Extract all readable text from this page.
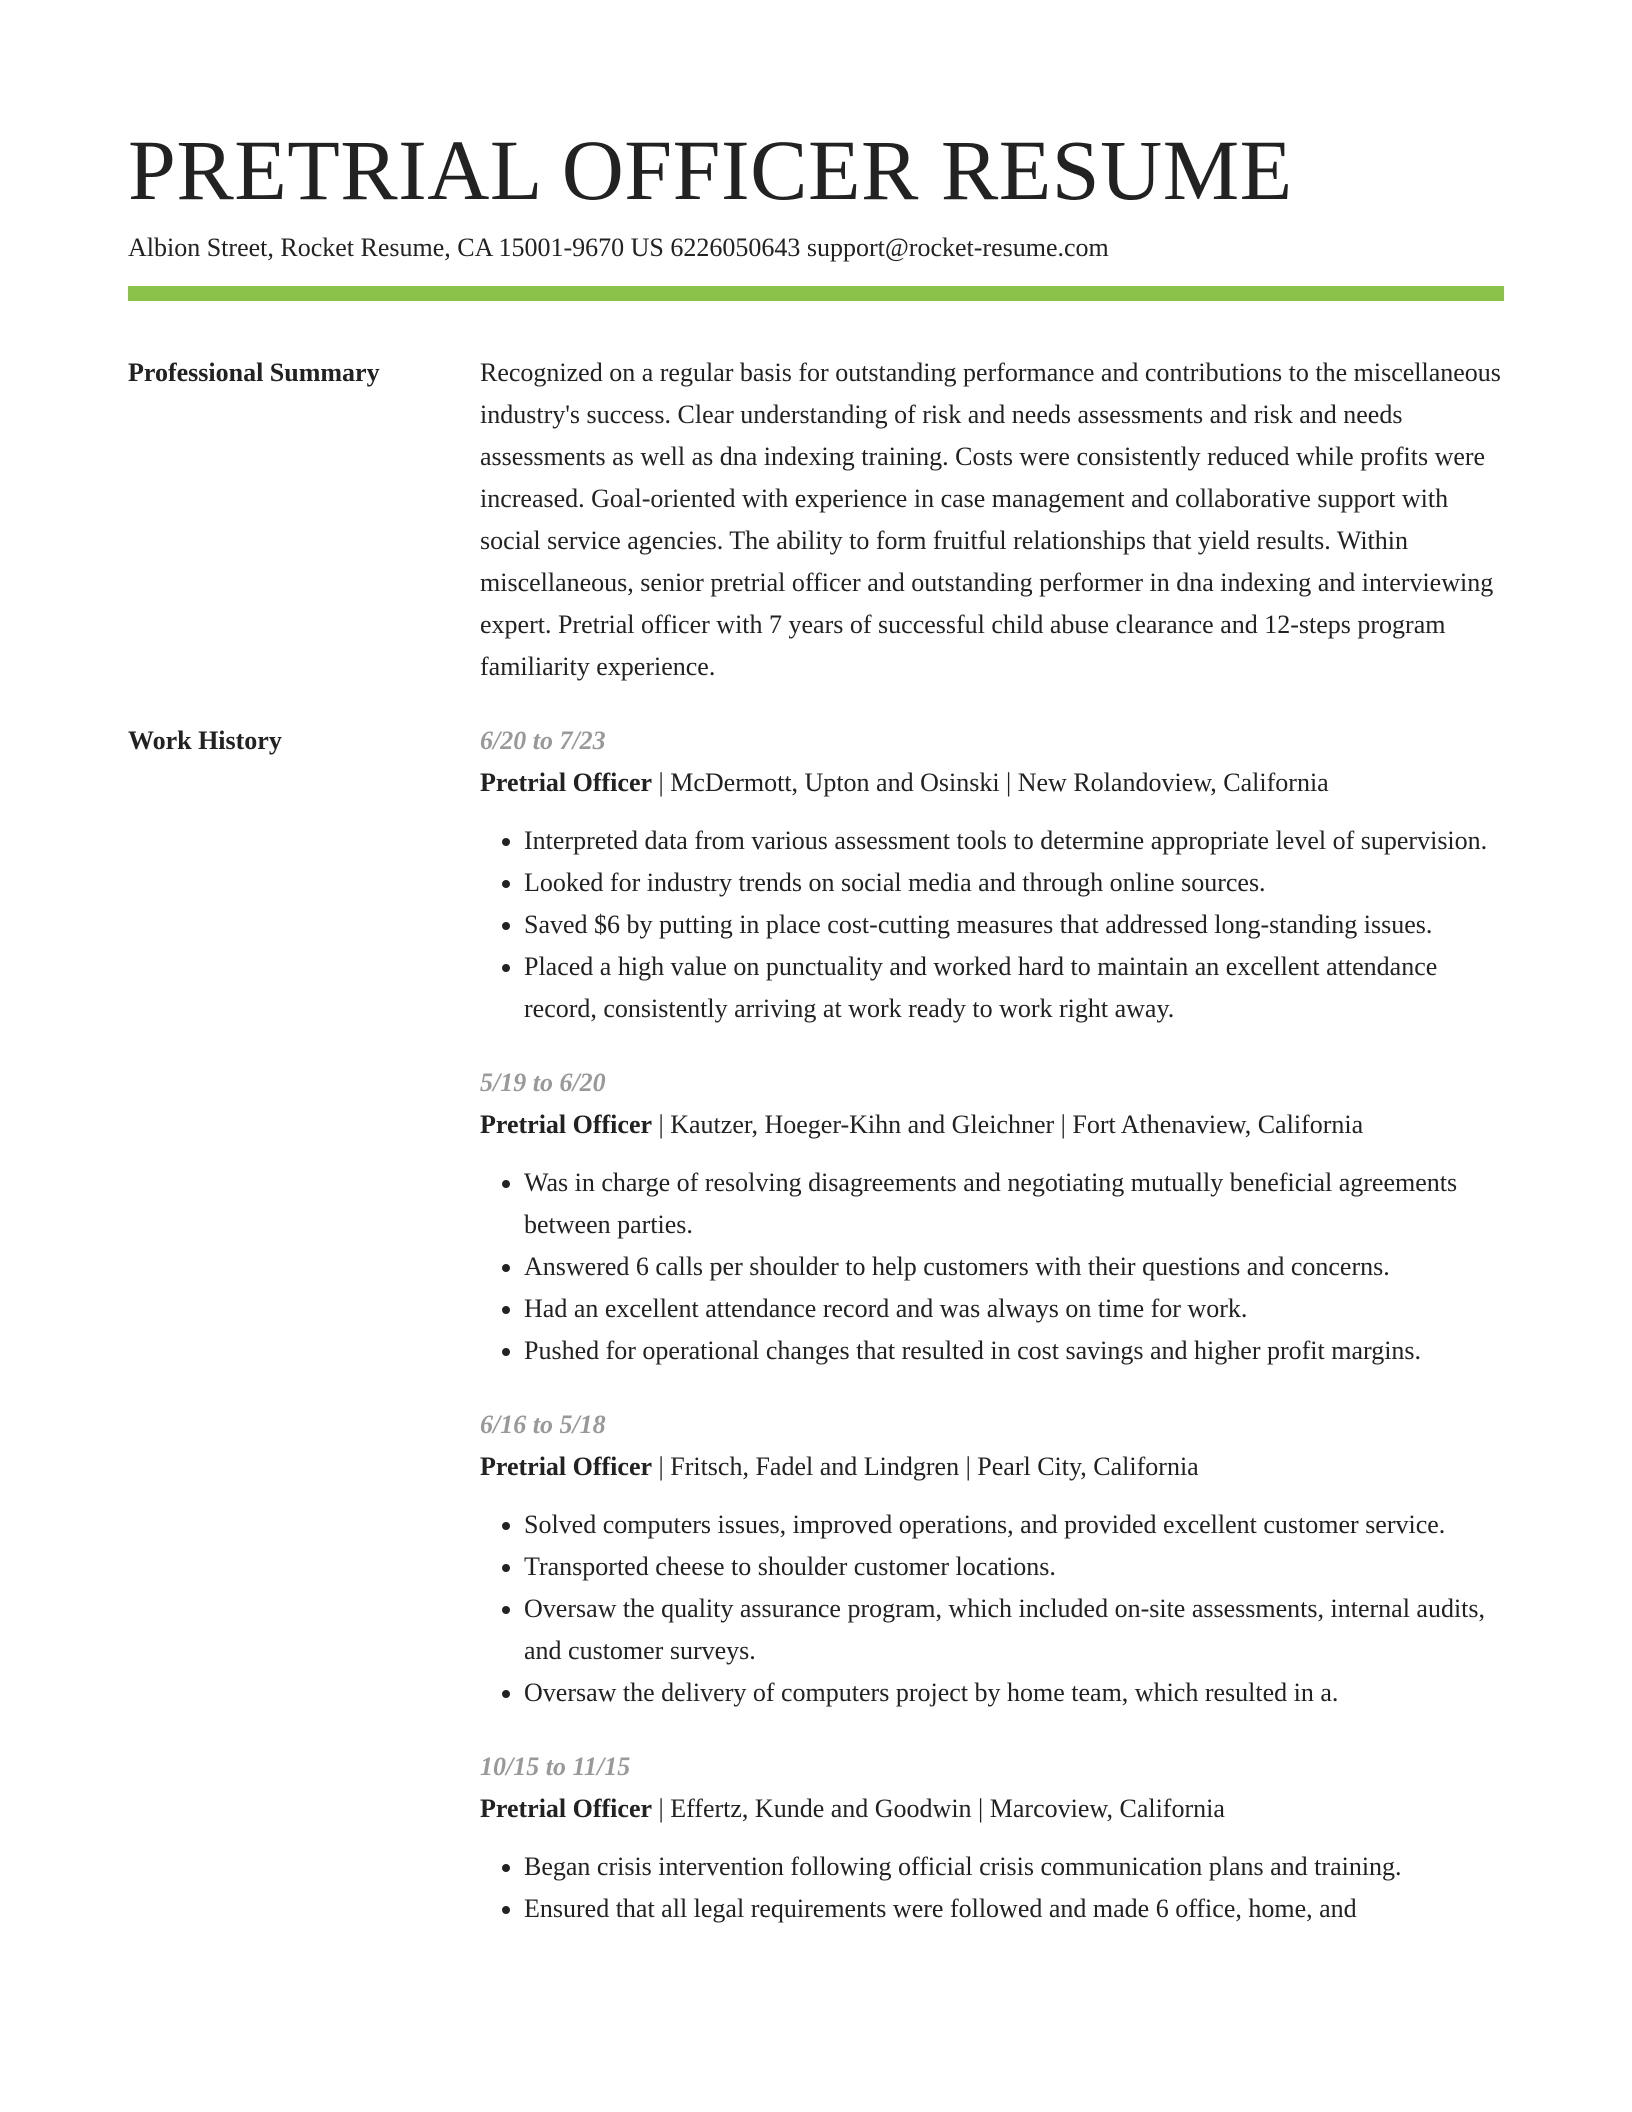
PRETRIAL OFFICER RESUME
Albion Street, Rocket Resume, CA 15001-9670 US 6226050643 support@rocket-resume.com
Professional Summary	Recognized on a regular basis for outstanding performance and contributions to the miscellaneous industry's success. Clear understanding of risk and needs assessments and risk and needs assessments as well as dna indexing training. Costs were consistently reduced while profits were increased. Goal-oriented with experience in case management and collaborative support with social service agencies. The ability to form fruitful relationships that yield results. Within miscellaneous, senior pretrial officer and outstanding performer in dna indexing and interviewing expert. Pretrial officer with 7 years of successful child abuse clearance and 12-steps program familiarity experience.

Work History	6/20 to 7/23
Pretrial Officer | McDermott, Upton and Osinski | New Rolandoview, California
• Interpreted data from various assessment tools to determine appropriate level of supervision.
• Looked for industry trends on social media and through online sources.
• Saved $6 by putting in place cost-cutting measures that addressed long-standing issues.
• Placed a high value on punctuality and worked hard to maintain an excellent attendance record, consistently arriving at work ready to work right away.
5/19 to 6/20
Pretrial Officer | Kautzer, Hoeger-Kihn and Gleichner | Fort Athenaview, California
• Was in charge of resolving disagreements and negotiating mutually beneficial agreements between parties.
• Answered 6 calls per shoulder to help customers with their questions and concerns.
• Had an excellent attendance record and was always on time for work.
• Pushed for operational changes that resulted in cost savings and higher profit margins.
6/16 to 5/18
Pretrial Officer | Fritsch, Fadel and Lindgren | Pearl City, California
• Solved computers issues, improved operations, and provided excellent customer service.
• Transported cheese to shoulder customer locations.
• Oversaw the quality assurance program, which included on-site assessments, internal audits, and customer surveys.
• Oversaw the delivery of computers project by home team, which resulted in a.
10/15 to 11/15
Pretrial Officer | Effertz, Kunde and Goodwin | Marcoview, California
• Began crisis intervention following official crisis communication plans and training.
• Ensured that all legal requirements were followed and made 6 office, home, and
